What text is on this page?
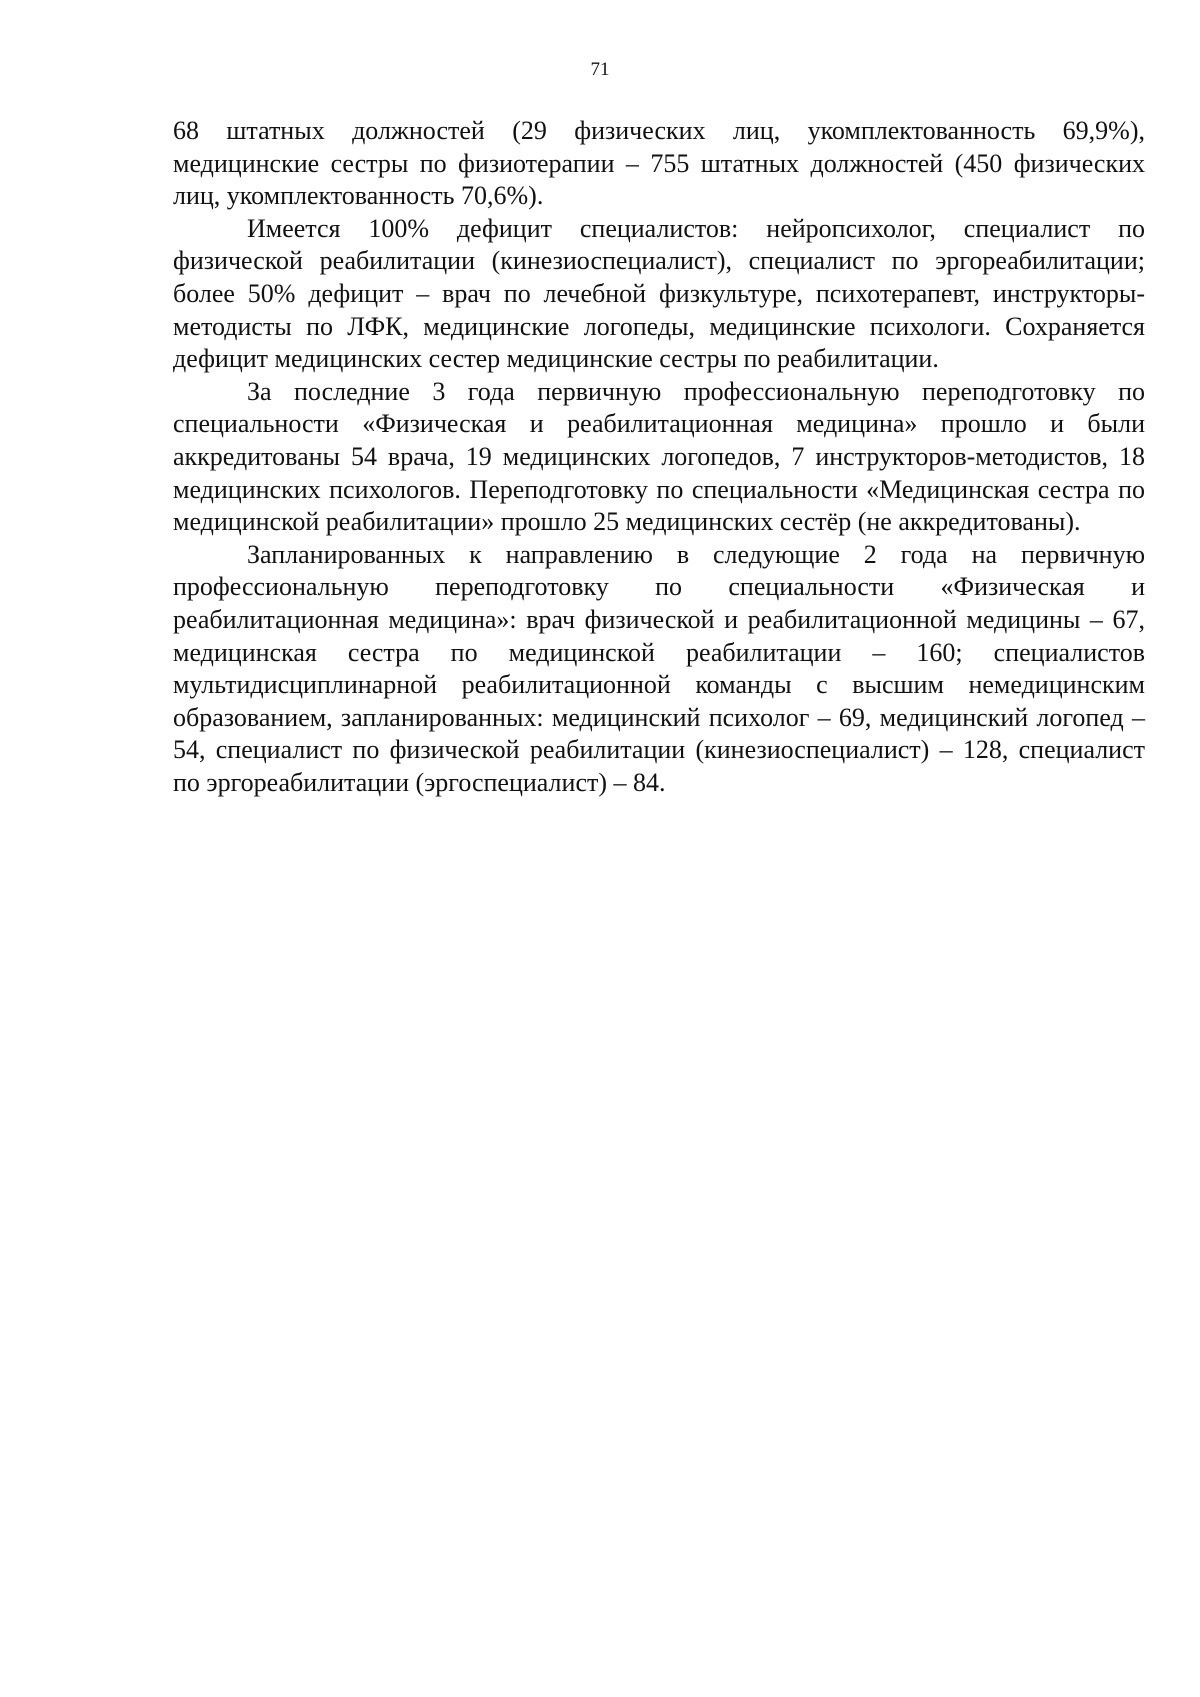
71

68 штатных должностей (29 физических лиц, укомплектованность 69,9%), медицинские сестры по физиотерапии – 755 штатных должностей (450 физических лиц, укомплектованность 70,6%).

Имеется 100% дефицит специалистов: нейропсихолог, специалист по физической реабилитации (кинезиоспециалист), специалист по эргореабилитации; более 50% дефицит – врач по лечебной физкультуре, психотерапевт, инструкторы-методисты по ЛФК, медицинские логопеды, медицинские психологи. Сохраняется дефицит медицинских сестер медицинские сестры по реабилитации.

За последние 3 года первичную профессиональную переподготовку по специальности «Физическая и реабилитационная медицина» прошло и были аккредитованы 54 врача, 19 медицинских логопедов, 7 инструкторов-методистов, 18 медицинских психологов. Переподготовку по специальности «Медицинская сестра по медицинской реабилитации» прошло 25 медицинских сестёр (не аккредитованы).

Запланированных к направлению в следующие 2 года на первичную профессиональную переподготовку по специальности «Физическая и реабилитационная медицина»: врач физической и реабилитационной медицины – 67, медицинская сестра по медицинской реабилитации – 160; специалистов мультидисциплинарной реабилитационной команды с высшим немедицинским образованием, запланированных: медицинский психолог – 69, медицинский логопед – 54, специалист по физической реабилитации (кинезиоспециалист) – 128, специалист по эргореабилитации (эргоспециалист) – 84.
